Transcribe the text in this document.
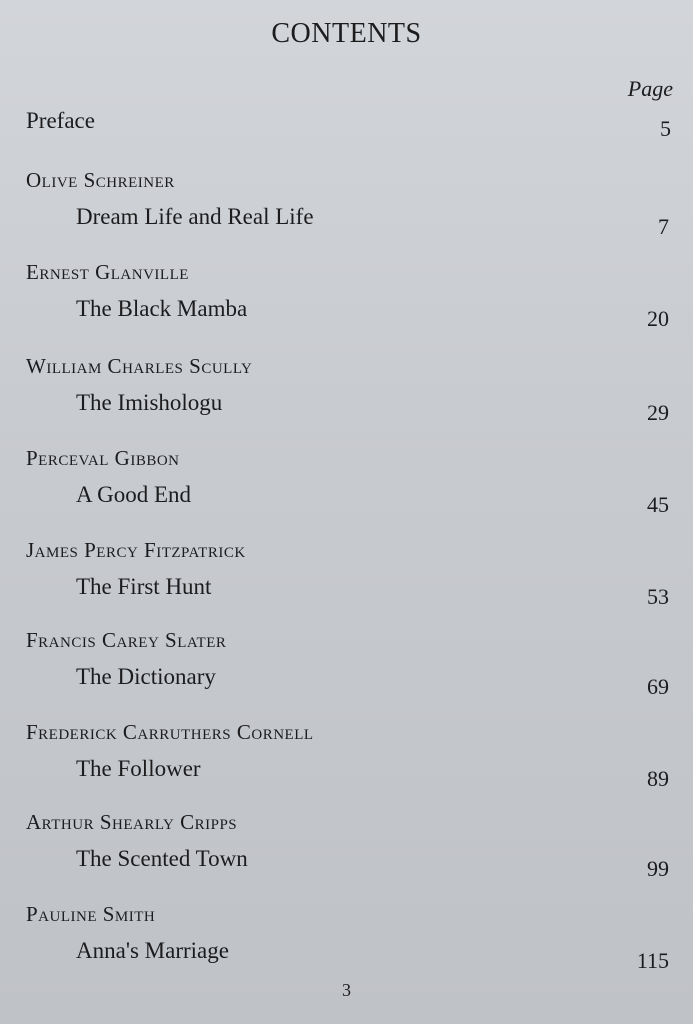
CONTENTS
Page
Preface	5
Olive Schreiner
Dream Life and Real Life	7
Ernest Glanville
The Black Mamba	20
William Charles Scully
The Imishologu	29
Perceval Gibbon
A Good End	45
James Percy Fitzpatrick
The First Hunt	53
Francis Carey Slater
The Dictionary	69
Frederick Carruthers Cornell
The Follower	89
Arthur Shearly Cripps
The Scented Town	99
Pauline Smith
Anna's Marriage	115
3
